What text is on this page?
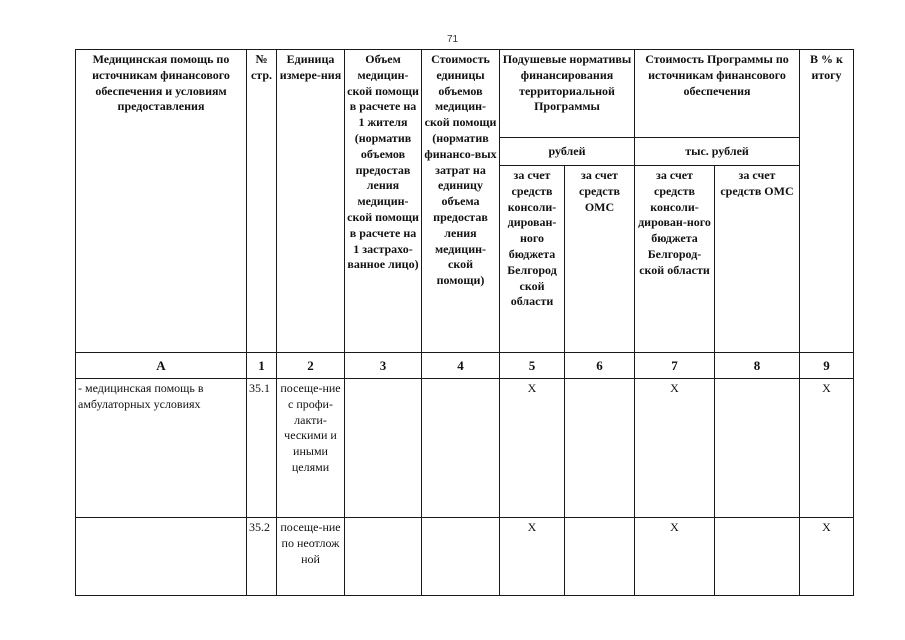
71
Медицинская помощь по источникам финансового обеспечения и условиям предоставления	№ стр.	Единица измере-ния	Объем медицин-ской помощи в расчете на 1 жителя (норматив объемов предостав ления медицин-ской помощи в расчете на 1 застрахо-ванное лицо)	Стоимость единицы объемов медицин-ской помощи (норматив финансо-вых затрат на единицу объема предостав ления медицин-ской помощи)	Подушевые нормативы финансирования территориальной Программы		Стоимость Программы по источникам финансового обеспечения		В % к итогу
					рублей		тыс. рублей		
					за счет средств консоли-дирован-ного бюджета Белгород ской области	за счет средств ОМС	за счет средств консоли-дирован-ного бюджета Белгород-ской области	за счет средств ОМС	
А	1	2	3	4	5	6	7	8	9
- медицинская помощь в амбулаторных условиях	35.1	посеще-ние с профи-лакти-ческими и иными целями			Х		Х		Х
	35.2	посеще-ние по неотлож ной			Х		Х		Х
